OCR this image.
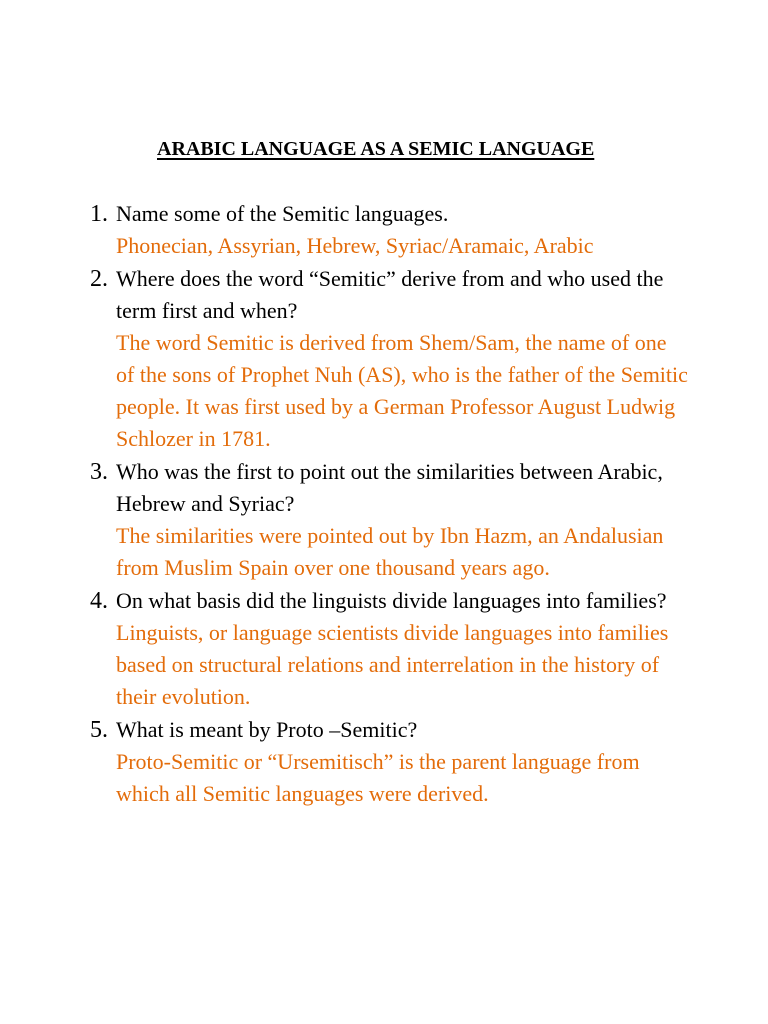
ARABIC LANGUAGE AS A SEMIC LANGUAGE
1. Name some of the Semitic languages.

Phonecian, Assyrian, Hebrew, Syriac/Aramaic, Arabic

2. Where does the word “Semitic” derive from and who used the term first and when?

The word Semitic is derived from Shem/Sam, the name of one of the sons of Prophet Nuh (AS), who is the father of the Semitic people. It was first used by a German Professor August Ludwig Schlozer in 1781.

3. Who was the first to point out the similarities between Arabic, Hebrew and Syriac?

The similarities were pointed out by Ibn Hazm, an Andalusian from Muslim Spain over one thousand years ago.

4. On what basis did the linguists divide languages into families?

Linguists, or language scientists divide languages into families based on structural relations and interrelation in the history of their evolution.

5. What is meant by Proto –Semitic?

Proto-Semitic or “Ursemitisch” is the parent language from which all Semitic languages were derived.
